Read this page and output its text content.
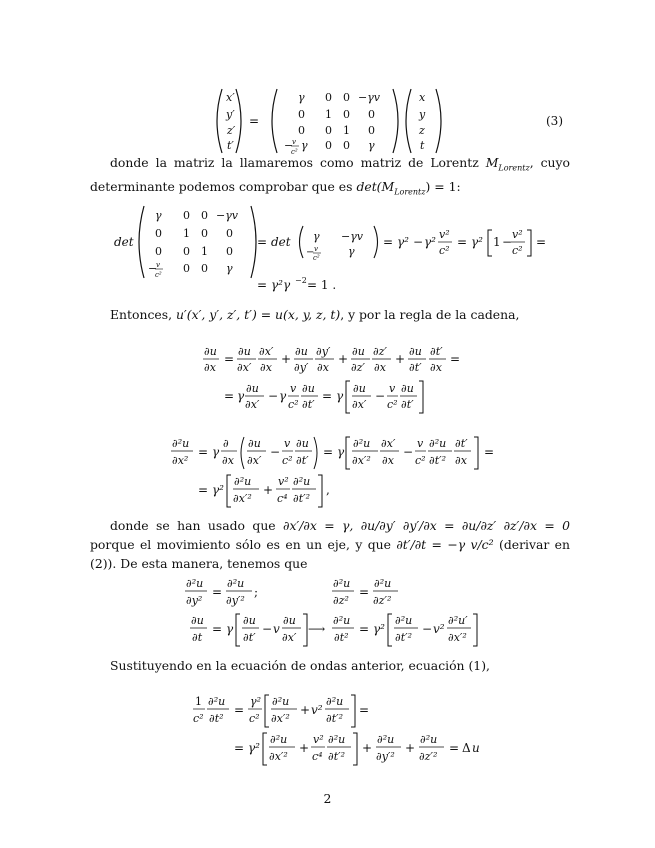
x′
y′
z′
t′
=
γ 0 0 −γv
0 1 0 0
0 0 1 0
−
v
c² γ 0 0 γ
x
y
z
t
(3)

donde la matriz la llamaremos como matriz de Lorentz $M_{Lorentz}$, cuyo determinante podemos comprobar que es $\det(M_{Lorentz}) = 1$:

det
γ 0 0 −γv
0 1 0 0
0 0 1 0
−
v
c² 0 0 γ
= det γ −γv
− v
c²	γ
= γ² − γ²
v²
c²
= γ² 1 −
v²
c²
=
= γ²γ −2 = 1 .

Entonces, u′(x′, y′, z′, t′) = u(x, y, z, t), y por la regla de la cadena,

∂u
∂x
=
∂u
∂x′
∂x′
∂x
+
∂u
∂y′
∂y′
∂x
+
∂u
∂z′
∂z′
∂x
+
∂u
∂t′
∂t′
∂x
=
= γ
∂u
∂x′
− γ
v
c²
∂u
∂t′
= γ
∂u
∂x′
−
v
c²
∂u
∂t′
∂²u
∂x²
= γ
∂
∂x
∂u
∂x′
−
v
c²
∂u
∂t′
= γ
∂²u
∂x′²
∂x′
∂x
−
v
c²
∂²u
∂t′²
∂t′
∂x
=
= γ²
∂²u
∂x′²
+
v²
c⁴
∂²u
∂t′²
,

donde se han usado que ∂x′/∂x = γ, ∂u/∂y′ ∂y′/∂x = ∂u/∂z′ ∂z′/∂x = 0 porque el movimiento sólo es en un eje, y que ∂t′/∂t = −γ v/c² (derivar en (2)). De esta manera, tenemos que

∂²u
∂y²
=
∂²u
∂y′²
;
∂²u
∂z²
=
∂²u
∂z′²
∂u
∂t
= γ
∂u
∂t′
− v
∂u
∂x′
⟶
∂²u
∂t²
= γ²
∂²u
∂t′²
− v²
∂²u′
∂x′²

Sustituyendo en la ecuación de ondas anterior, ecuación (1),

1
c²
∂²u
∂t²
=
γ²
c²
∂²u
∂x′²
+ v²
∂²u
∂t′²
=
= γ²
∂²u
∂x′²
+
v²
c⁴
∂²u
∂t′²
+
∂²u
∂y′²
+
∂²u
∂z′²
= Δ u
2
